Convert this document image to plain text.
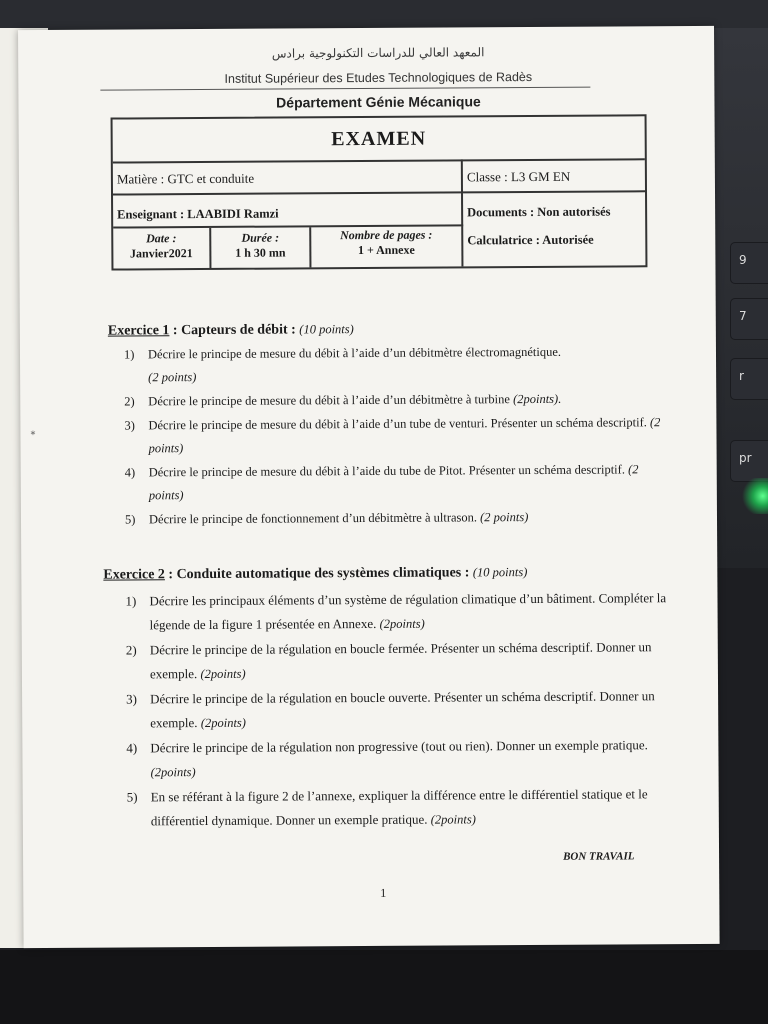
9
7
r
pr
*
المعهد العالي للدراسات التكنولوجية برادس
Institut Supérieur des Etudes Technologiques de Radès
Département Génie Mécanique
EXAMEN
Matière : GTC et conduite	Classe : L3 GM EN
Enseignant : LAABIDI Ramzi	Documents : Non autorisés
Calculatrice : Autorisée
Date :
Janvier2021
Durée :
1 h 30 mn
Nombre de pages :
1 + Annexe
Exercice 1 : Capteurs de débit : (10 points)
1) Décrire le principe de mesure du débit à l’aide d’un débitmètre électromagnétique.
(2 points)
2) Décrire le principe de mesure du débit à l’aide d’un débitmètre à turbine (2points).
3) Décrire le principe de mesure du débit à l’aide d’un tube de venturi. Présenter un schéma descriptif. (2 points)
4) Décrire le principe de mesure du débit à l’aide du tube de Pitot. Présenter un schéma descriptif. (2 points)
5) Décrire le principe de fonctionnement d’un débitmètre à ultrason. (2 points)
Exercice 2 : Conduite automatique des systèmes climatiques : (10 points)
1) Décrire les principaux éléments d’un système de régulation climatique d’un bâtiment. Compléter la légende de la figure 1 présentée en Annexe. (2points)
2) Décrire le principe de la régulation en boucle fermée. Présenter un schéma descriptif. Donner un exemple. (2points)
3) Décrire le principe de la régulation en boucle ouverte. Présenter un schéma descriptif. Donner un exemple. (2points)
4) Décrire le principe de la régulation non progressive (tout ou rien). Donner un exemple pratique. (2points)
5) En se référant à la figure 2 de l’annexe, expliquer la différence entre le différentiel statique et le différentiel dynamique. Donner un exemple pratique. (2points)
BON TRAVAIL
1
